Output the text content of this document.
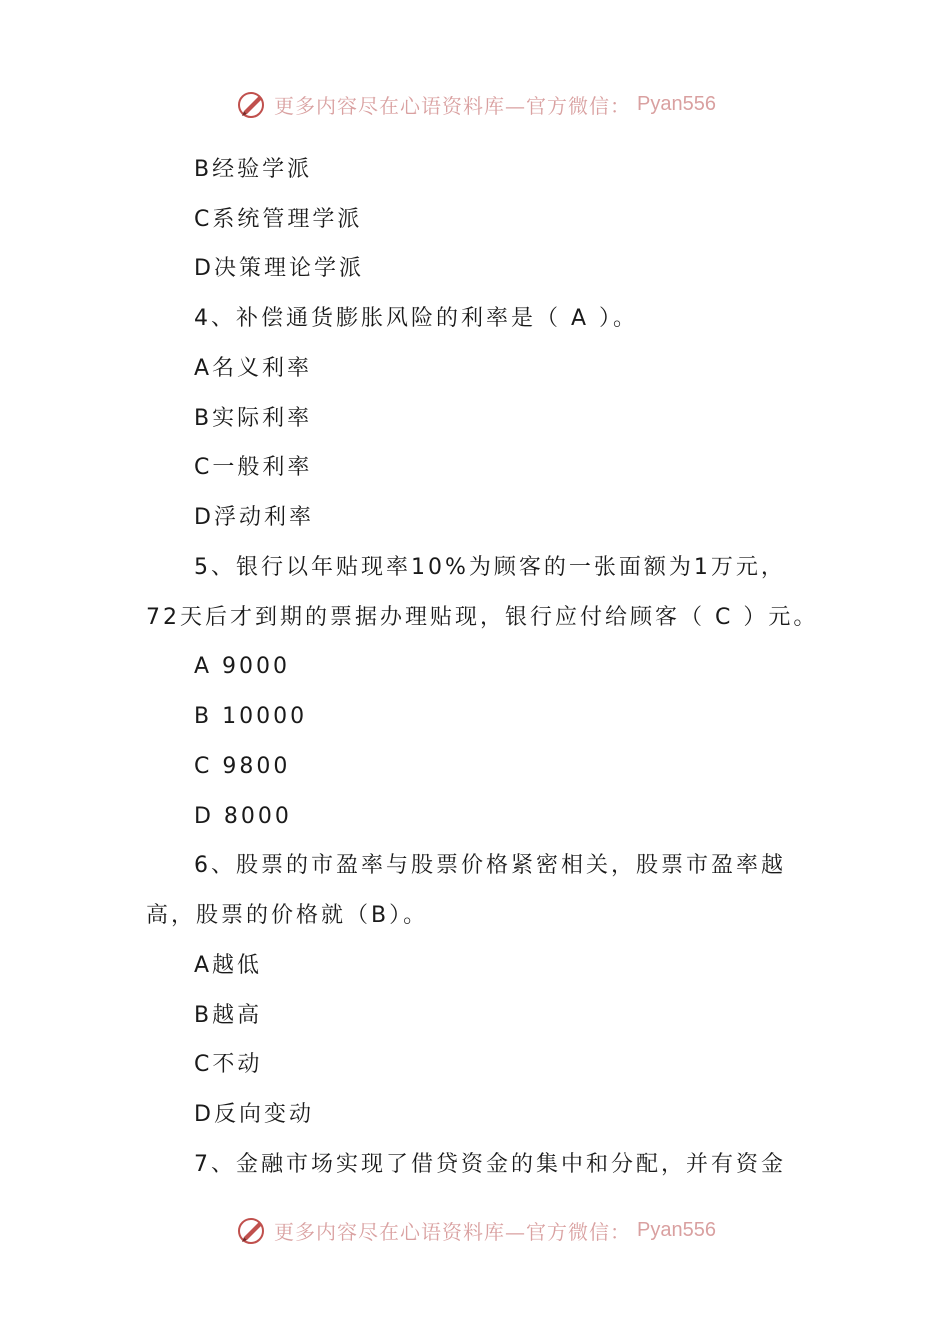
更多内容尽在心语资料库—官方微信： Pyan556
B经验学派
C系统管理学派
D决策理论学派
4、补偿通货膨胀风险的利率是（ A ）。
A名义利率
B实际利率
C一般利率
D浮动利率
5、银行以年贴现率10%为顾客的一张面额为1万元，
72天后才到期的票据办理贴现，银行应付给顾客（ C ）元。
A 9000
B 10000
C 9800
D 8000
6、股票的市盈率与股票价格紧密相关，股票市盈率越
高，股票的价格就（B）。
A越低
B越高
C不动
D反向变动
7、金融市场实现了借贷资金的集中和分配，并有资金
更多内容尽在心语资料库—官方微信： Pyan556
